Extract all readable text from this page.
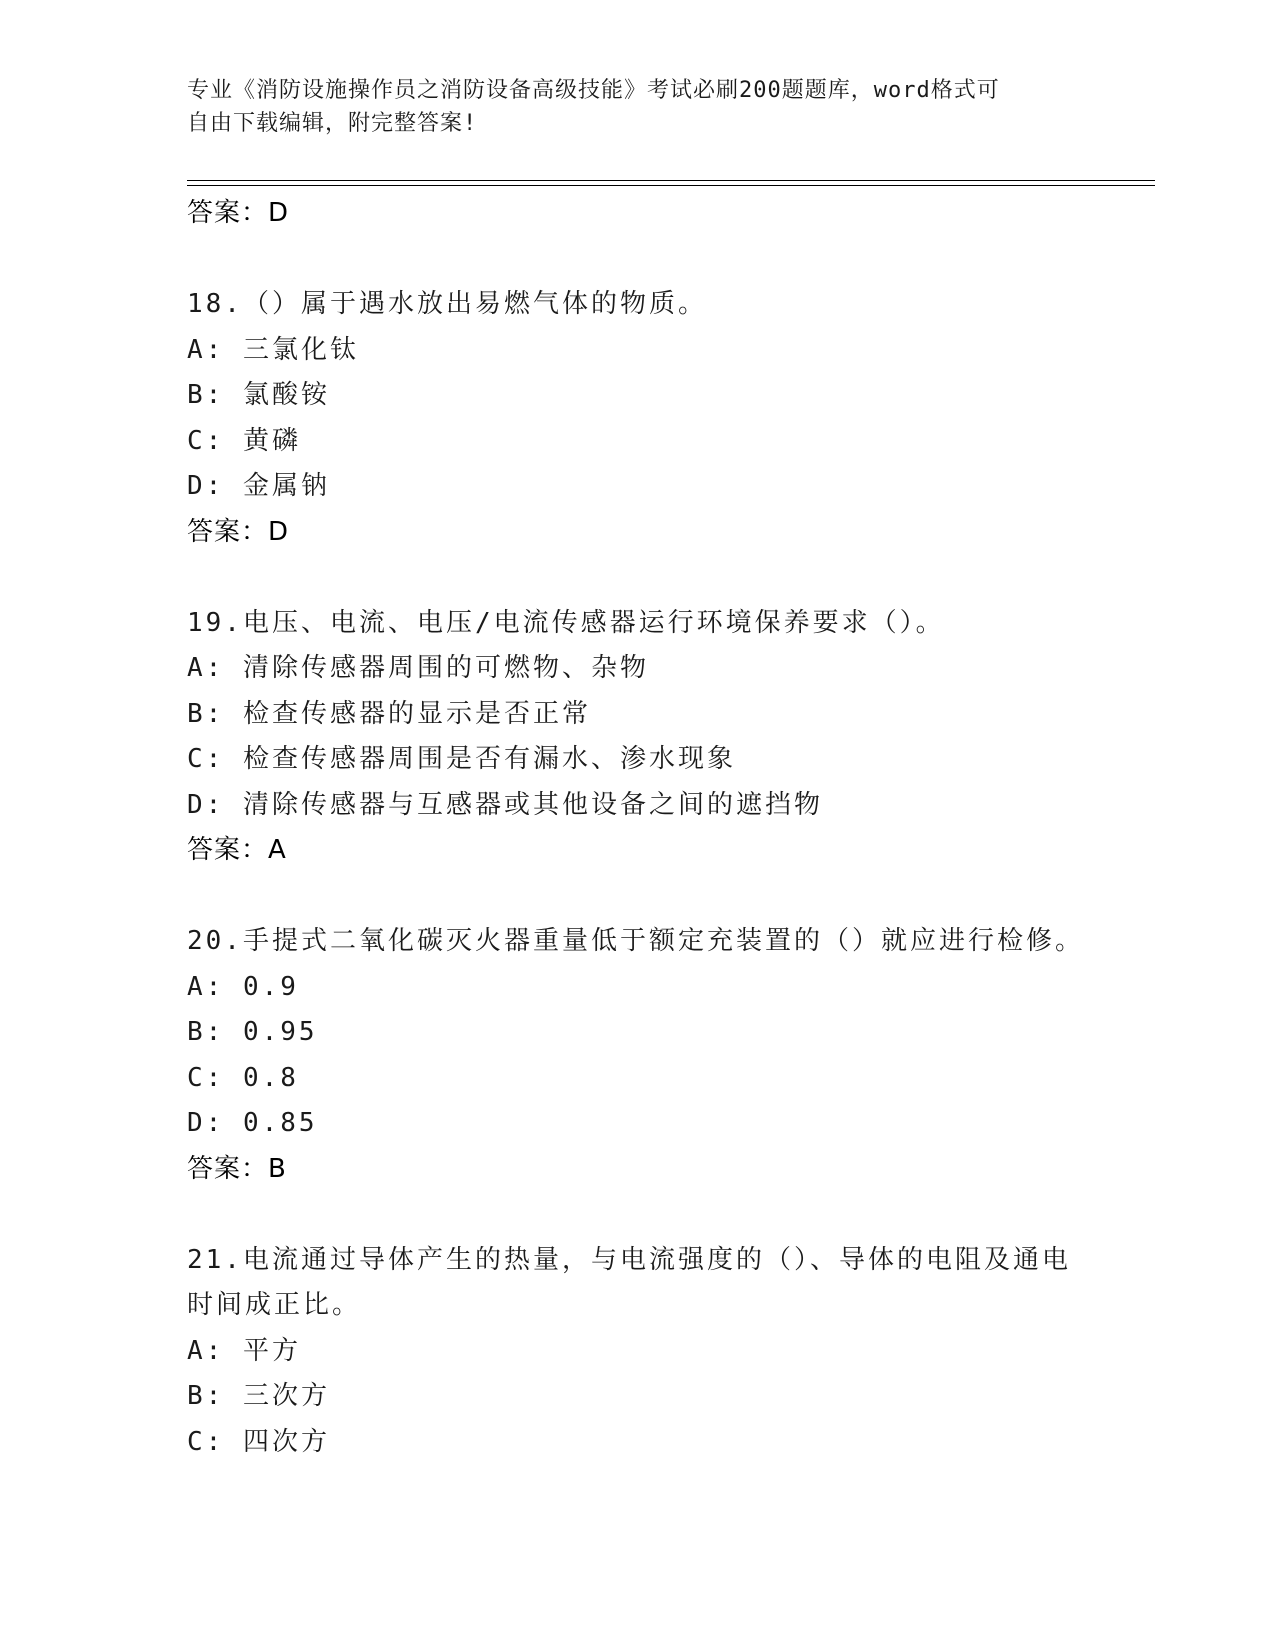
专业《消防设施操作员之消防设备高级技能》考试必刷200题题库，word格式可
自由下载编辑，附完整答案!
答案：D
18.（）属于遇水放出易燃气体的物质。
A: 三氯化钛
B: 氯酸铵
C: 黄磷
D: 金属钠
答案：D
19.电压、电流、电压/电流传感器运行环境保养要求（）。
A: 清除传感器周围的可燃物、杂物
B: 检查传感器的显示是否正常
C: 检查传感器周围是否有漏水、渗水现象
D: 清除传感器与互感器或其他设备之间的遮挡物
答案：A
20.手提式二氧化碳灭火器重量低于额定充装置的（）就应进行检修。
A: 0.9
B: 0.95
C: 0.8
D: 0.85
答案：B
21.电流通过导体产生的热量，与电流强度的（）、导体的电阻及通电
时间成正比。
A: 平方
B: 三次方
C: 四次方
